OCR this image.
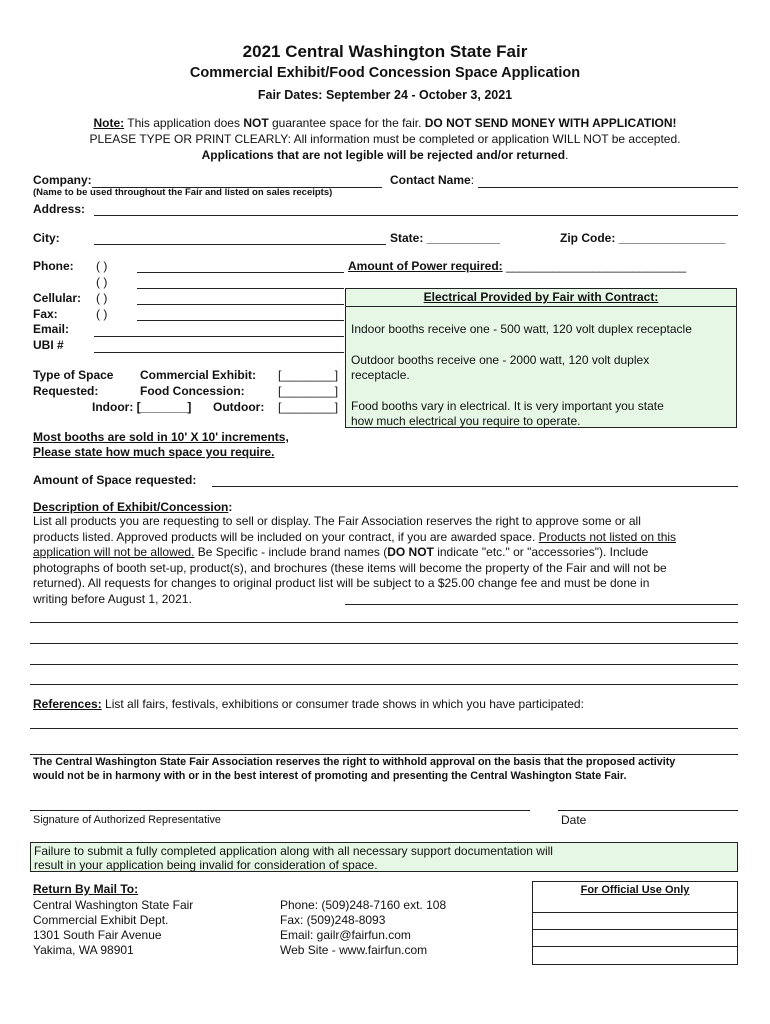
2021 Central Washington State Fair
Commercial Exhibit/Food Concession Space Application
Fair Dates: September 24 - October 3, 2021
Note: This application does NOT guarantee space for the fair. DO NOT SEND MONEY WITH APPLICATION!
PLEASE TYPE OR PRINT CLEARLY: All information must be completed or application WILL NOT be accepted.
Applications that are not legible will be rejected and/or returned.
Company:	Contact Name:
(Name to be used throughout the Fair and listed on sales receipts)
Address:
City:	State: ___________	Zip Code: ________________
Phone: ( )
( )
Amount of Power required: ___________________________
Cellular: ( )
Fax:	( )
Email:
UBI #
Electrical Provided by Fair with Contract:
Indoor booths receive one - 500 watt, 120 volt duplex receptacle
Outdoor booths receive one - 2000 watt, 120 volt duplex
receptacle.
Food booths vary in electrical. It is very important you state
how much electrical you require to operate.
Type of Space
Requested:
Commercial Exhibit: [________]
Food Concession:	[________]
Indoor: [_______] Outdoor: [________]
Most booths are sold in 10' X 10' increments,
Please state how much space you require.
Amount of Space requested:
Description of Exhibit/Concession:
List all products you are requesting to sell or display. The Fair Association reserves the right to approve some or all products listed. Approved products will be included on your contract, if you are awarded space. Products not listed on this application will not be allowed. Be Specific - include brand names (DO NOT indicate "etc." or "accessories"). Include photographs of booth set-up, product(s), and brochures (these items will become the property of the Fair and will not be returned). All requests for changes to original product list will be subject to a $25.00 change fee and must be done in writing before August 1, 2021.
References: List all fairs, festivals, exhibitions or consumer trade shows in which you have participated:
The Central Washington State Fair Association reserves the right to withhold approval on the basis that the proposed activity
would not be in harmony with or in the best interest of promoting and presenting the Central Washington State Fair.
Signature of Authorized Representative	Date
Failure to submit a fully completed application along with all necessary support documentation will
result in your application being invalid for consideration of space.
Return By Mail To:
Central Washington State Fair
Commercial Exhibit Dept.
1301 South Fair Avenue
Yakima, WA 98901
Phone: (509)248-7160 ext. 108
Fax: (509)248-8093
Email: gailr@fairfun.com
Web Site - www.fairfun.com
For Official Use Only
